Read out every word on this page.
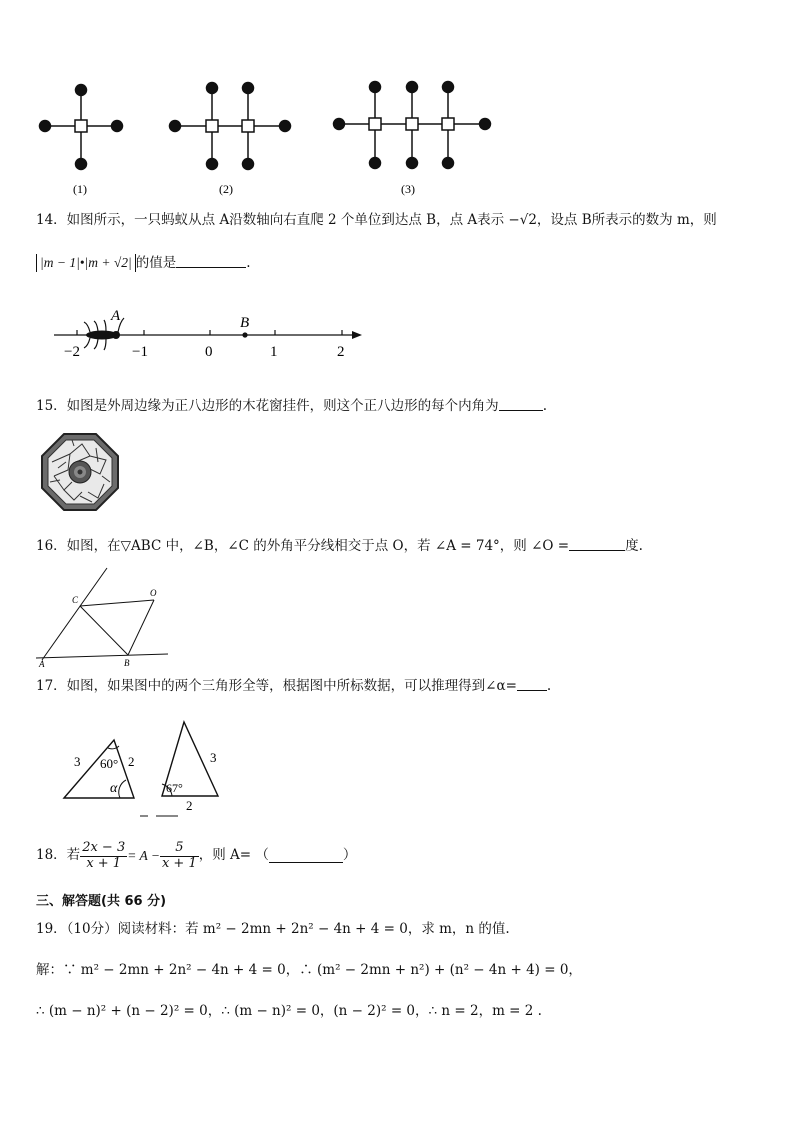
(1)	(2)	(3)
14．如图所示，一只蚂蚁从点 A沿数轴向右直爬 2 个单位到达点 B，点 A表示 −√2，设点 B所表示的数为 m，则
|m − 1|•|m + √2| 的值是	.
A	B
−2	−1	0	1	2
15．如图是外周边缘为正八边形的木花窗挂件，则这个正八边形的每个内角为	.
16．如图，在▽ABC 中，∠B，∠C 的外角平分线相交于点 O，若 ∠A = 74°，则 ∠O =	度.
C
O
A	B
17．如图，如果图中的两个三角形全等，根据图中所标数据，可以推理得到∠α= .
3 60° 2
α
3
67°
2
18．若 $\frac{2x - 3}{x + 1} = A - \frac{5}{x + 1}$ ，则 A= （	）
三、解答题(共 66 分)
19．（10分）阅读材料：若 m² − 2mn + 2n² − 4n + 4 = 0，求 m，n 的值.
解：∵ m² − 2mn + 2n² − 4n + 4 = 0，∴ (m² − 2mn + n²) + (n² − 4n + 4) = 0，
∴ (m − n)² + (n − 2)² = 0，∴ (m − n)² = 0，(n − 2)² = 0，∴ n = 2，m = 2 .
